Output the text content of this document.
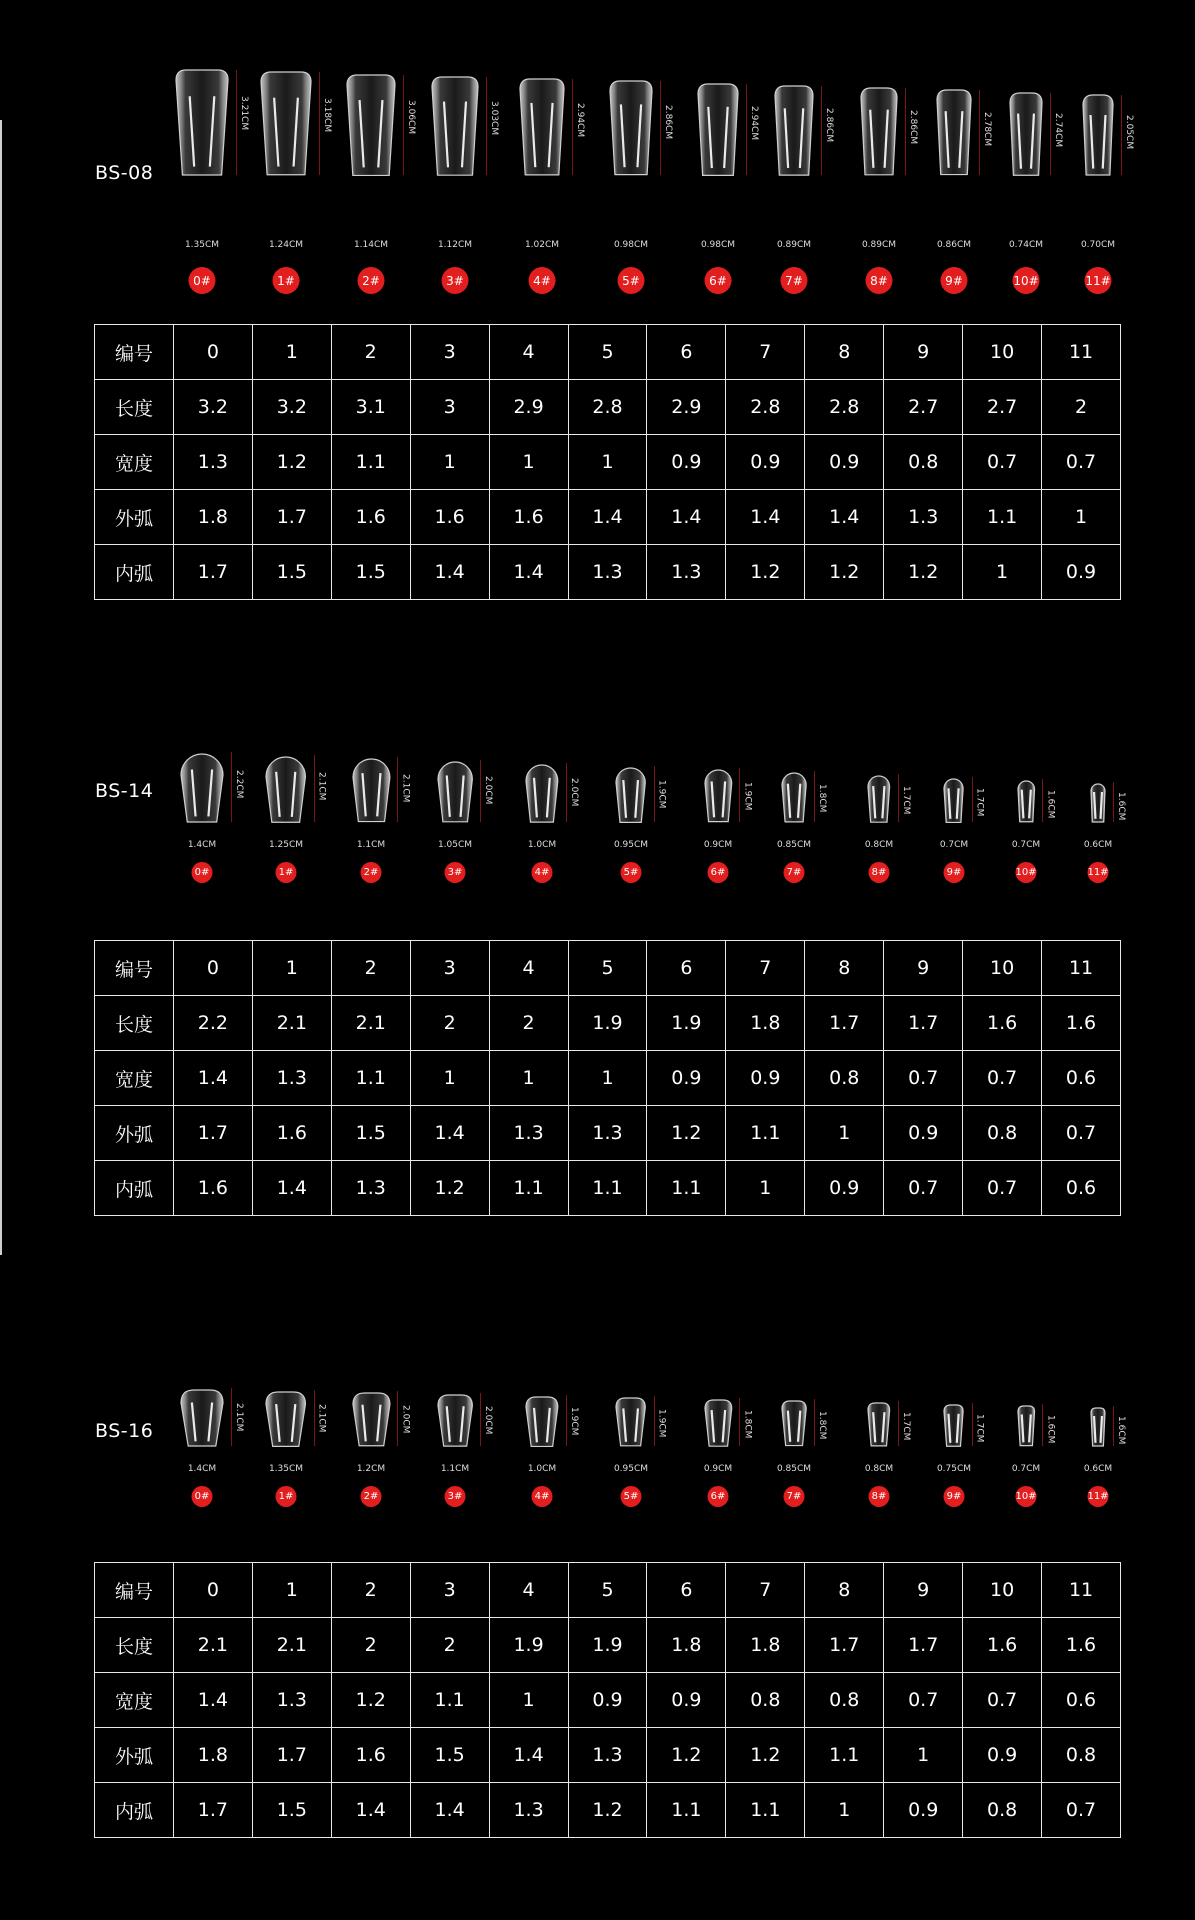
BS-08
3.21CM
1.35CM
0#
3.18CM
1.24CM
1#
3.06CM
1.14CM
2#
3.03CM
1.12CM
3#
2.94CM
1.02CM
4#
2.86CM
0.98CM
5#
2.94CM
0.98CM
6#
2.86CM
0.89CM
7#
2.86CM
0.89CM
8#
2.78CM
0.86CM
9#
2.74CM
0.74CM
10#
2.05CM
0.70CM
11#
编号	0	1	2	3	4	5	6	7	8	9	10	11
长度	3.2	3.2	3.1	3	2.9	2.8	2.9	2.8	2.8	2.7	2.7	2
宽度	1.3	1.2	1.1	1	1	1	0.9	0.9	0.9	0.8	0.7	0.7
外弧	1.8	1.7	1.6	1.6	1.6	1.4	1.4	1.4	1.4	1.3	1.1	1
内弧	1.7	1.5	1.5	1.4	1.4	1.3	1.3	1.2	1.2	1.2	1	0.9
BS-14	2.2CM
1.4CM
0#
2.1CM
1.25CM
1#
2.1CM
1.1CM
2#
2.0CM
1.05CM
3#
2.0CM
1.0CM
4#
1.9CM
0.95CM
5#
1.9CM
0.9CM
6#
1.8CM
0.85CM
7#
1.7CM
0.8CM
8#
1.7CM
0.7CM
9#
1.6CM
0.7CM
10#
1.6CM
0.6CM
11#
编号	0	1	2	3	4	5	6	7	8	9	10	11
长度	2.2	2.1	2.1	2	2	1.9	1.9	1.8	1.7	1.7	1.6	1.6
宽度	1.4	1.3	1.1	1	1	1	0.9	0.9	0.8	0.7	0.7	0.6
外弧	1.7	1.6	1.5	1.4	1.3	1.3	1.2	1.1	1	0.9	0.8	0.7
内弧	1.6	1.4	1.3	1.2	1.1	1.1	1.1	1	0.9	0.7	0.7	0.6
BS-16
2.1CM
1.4CM
0#
2.1CM
1.35CM
1#
2.0CM
1.2CM
2#
2.0CM
1.1CM
3#
1.9CM
1.0CM
4#
1.9CM
0.95CM
5#
1.8CM
0.9CM
6#
1.8CM
0.85CM
7#
1.7CM
0.8CM
8#
1.7CM
0.75CM
9#
1.6CM
0.7CM
10#
1.6CM
0.6CM
11#
编号	0	1	2	3	4	5	6	7	8	9	10	11
长度	2.1	2.1	2	2	1.9	1.9	1.8	1.8	1.7	1.7	1.6	1.6
宽度	1.4	1.3	1.2	1.1	1	0.9	0.9	0.8	0.8	0.7	0.7	0.6
外弧	1.8	1.7	1.6	1.5	1.4	1.3	1.2	1.2	1.1	1	0.9	0.8
内弧	1.7	1.5	1.4	1.4	1.3	1.2	1.1	1.1	1	0.9	0.8	0.7
